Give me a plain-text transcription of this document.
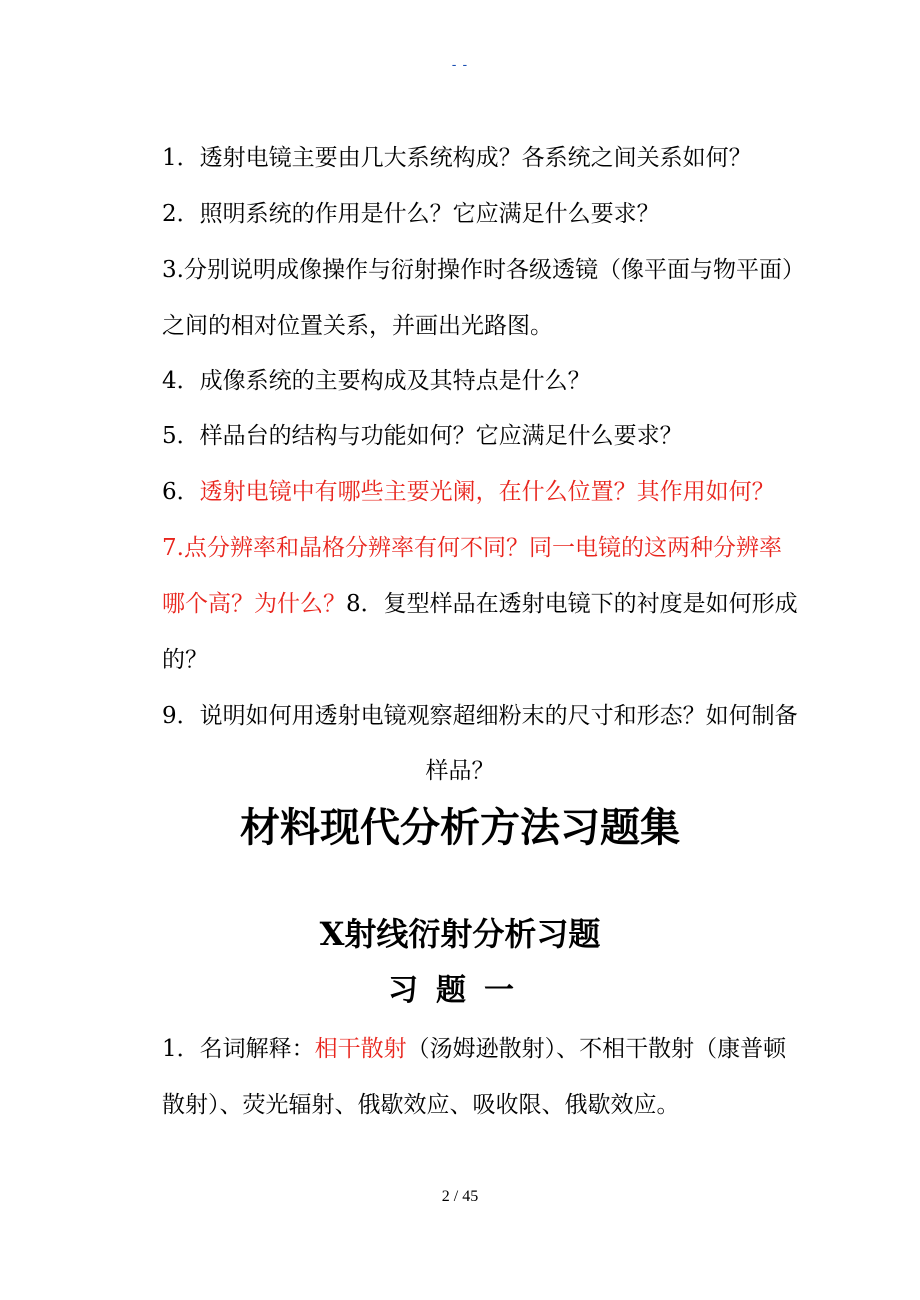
- -
1．透射电镜主要由几大系统构成？各系统之间关系如何？
2．照明系统的作用是什么？它应满足什么要求？
3.分别说明成像操作与衍射操作时各级透镜（像平面与物平面）
之间的相对位置关系，并画出光路图。
4．成像系统的主要构成及其特点是什么？
5．样品台的结构与功能如何？它应满足什么要求？
6．透射电镜中有哪些主要光阑，在什么位置？其作用如何？
7.点分辨率和晶格分辨率有何不同？同一电镜的这两种分辨率
哪个高？为什么？8．复型样品在透射电镜下的衬度是如何形成
的？
9．说明如何用透射电镜观察超细粉末的尺寸和形态？如何制备
样品？
材料现代分析方法习题集
X射线衍射分析习题
习题一
1．名词解释：相干散射（汤姆逊散射）、不相干散射（康普顿
散射）、荧光辐射、俄歇效应、吸收限、俄歇效应。
2 / 45
